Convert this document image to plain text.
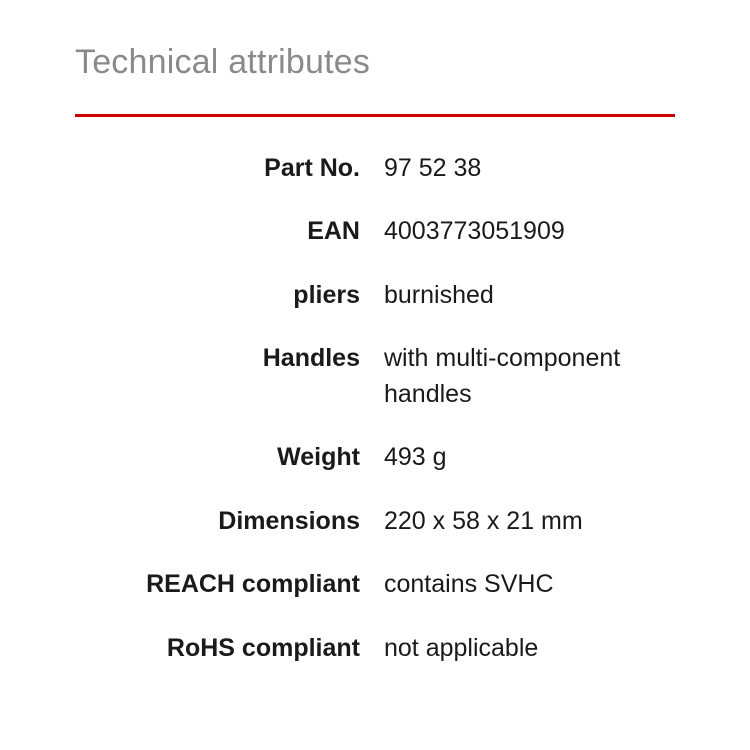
Technical attributes
Part No.	97 52 38
EAN	4003773051909
pliers	burnished
Handles	with multi-component handles
Weight	493 g
Dimensions	220 x 58 x 21 mm
REACH compliant	contains SVHC
RoHS compliant	not applicable
